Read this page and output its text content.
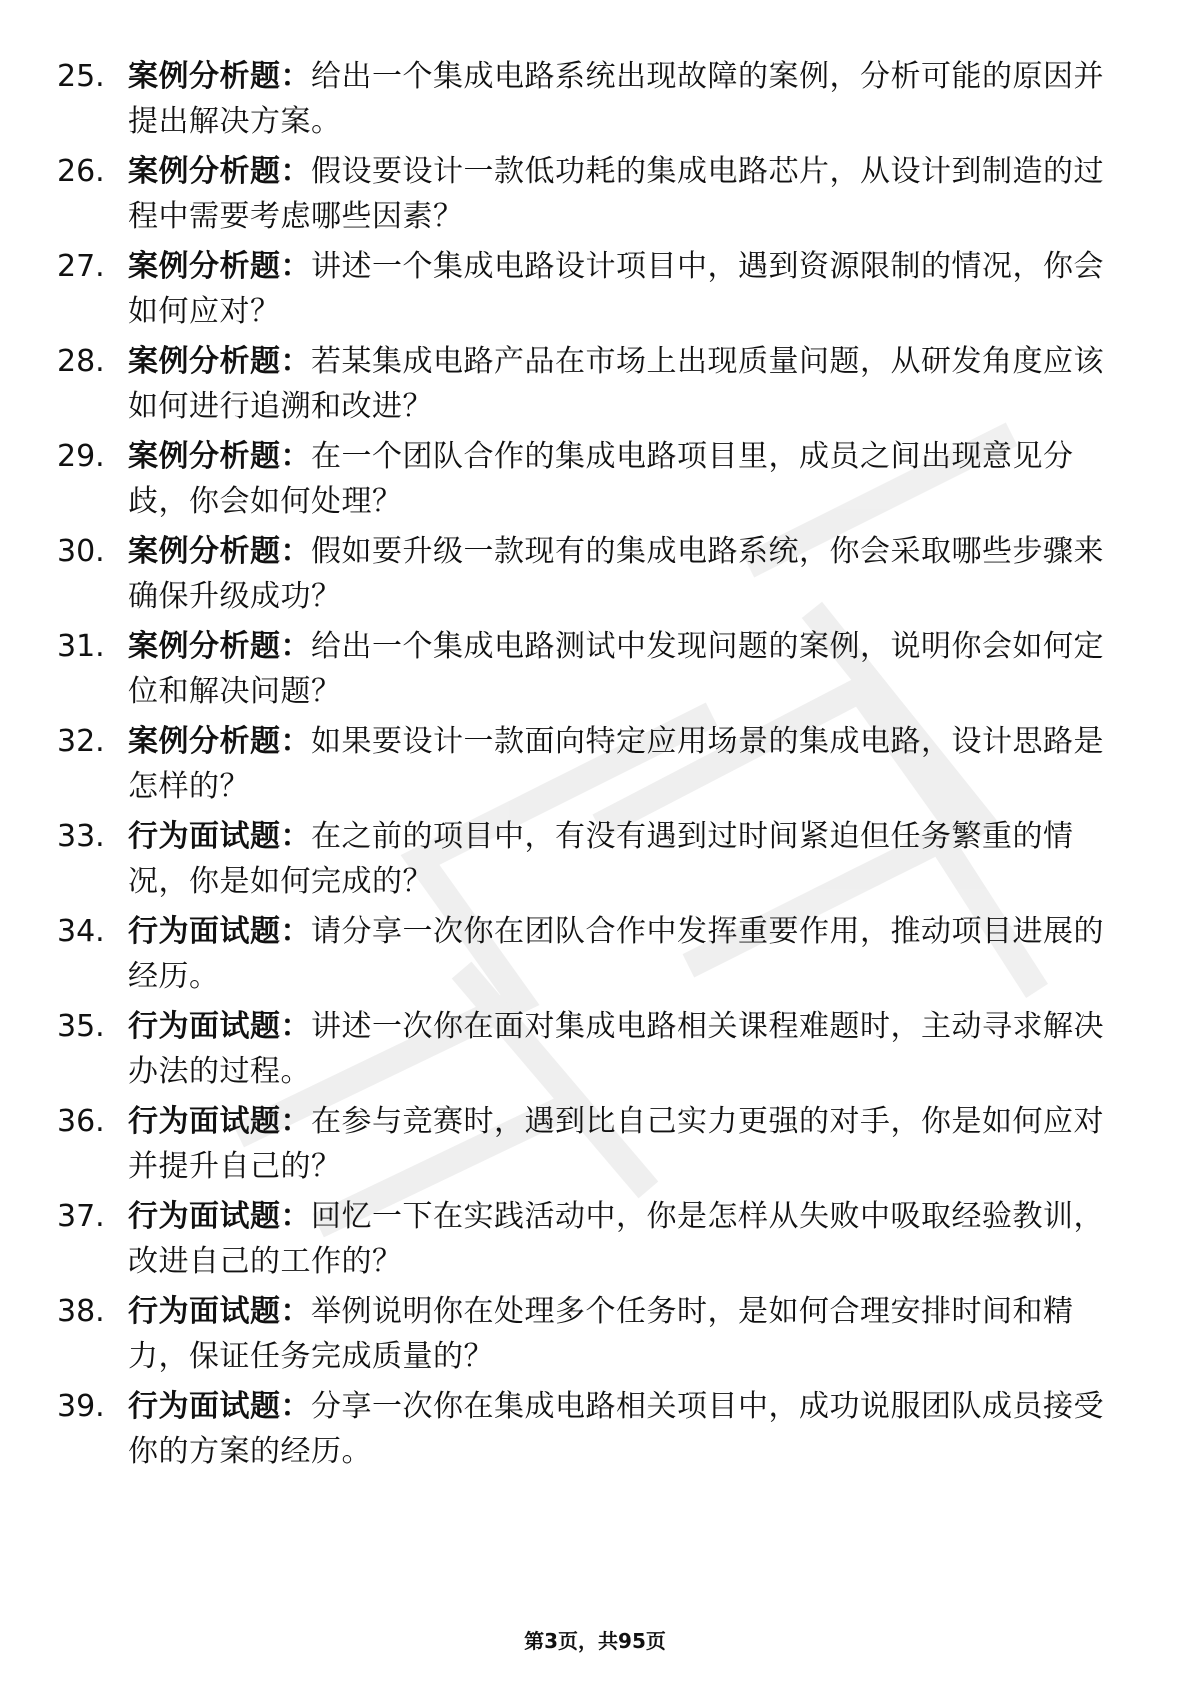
25. 案例分析题：给出一个集成电路系统出现故障的案例，分析可能的原因并提出解决方案。
26. 案例分析题：假设要设计一款低功耗的集成电路芯片，从设计到制造的过程中需要考虑哪些因素？
27. 案例分析题：讲述一个集成电路设计项目中，遇到资源限制的情况，你会如何应对？
28. 案例分析题：若某集成电路产品在市场上出现质量问题，从研发角度应该如何进行追溯和改进？
29. 案例分析题：在一个团队合作的集成电路项目里，成员之间出现意见分歧，你会如何处理？
30. 案例分析题：假如要升级一款现有的集成电路系统，你会采取哪些步骤来确保升级成功？
31. 案例分析题：给出一个集成电路测试中发现问题的案例，说明你会如何定位和解决问题？
32. 案例分析题：如果要设计一款面向特定应用场景的集成电路，设计思路是怎样的？
33. 行为面试题：在之前的项目中，有没有遇到过时间紧迫但任务繁重的情况，你是如何完成的？
34. 行为面试题：请分享一次你在团队合作中发挥重要作用，推动项目进展的经历。
35. 行为面试题：讲述一次你在面对集成电路相关课程难题时，主动寻求解决办法的过程。
36. 行为面试题：在参与竞赛时，遇到比自己实力更强的对手，你是如何应对并提升自己的？
37. 行为面试题：回忆一下在实践活动中，你是怎样从失败中吸取经验教训，改进自己的工作的？
38. 行为面试题：举例说明你在处理多个任务时，是如何合理安排时间和精力，保证任务完成质量的？
39. 行为面试题：分享一次你在集成电路相关项目中，成功说服团队成员接受你的方案的经历。
第3页，共95页
